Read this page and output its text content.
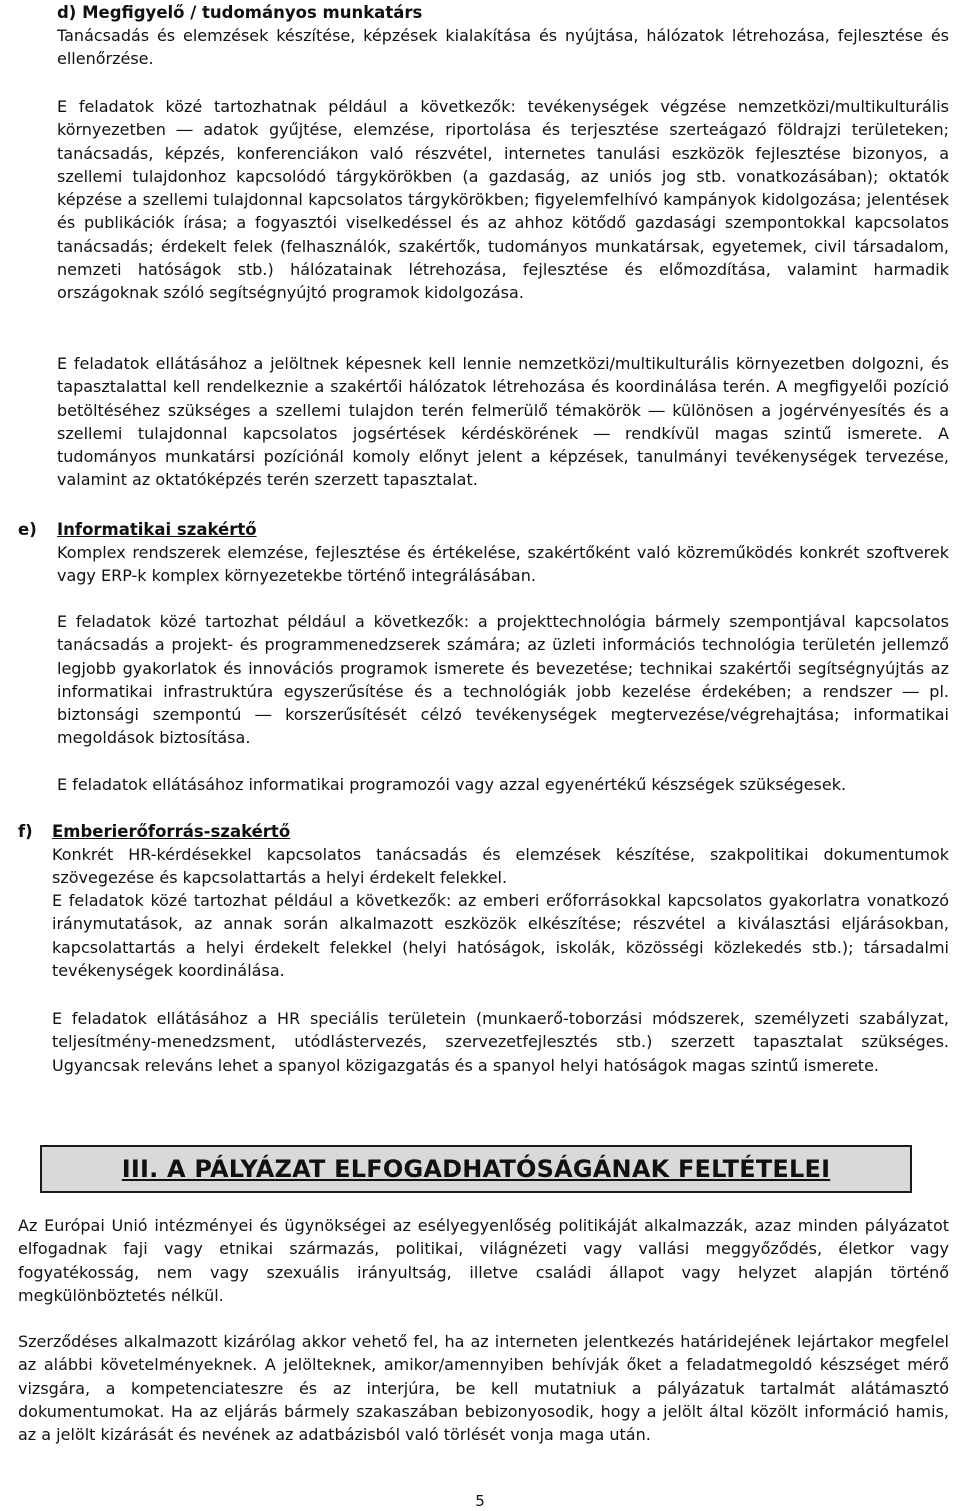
d) Megfigyelő / tudományos munkatárs

Tanácsadás és elemzések készítése, képzések kialakítása és nyújtása, hálózatok létrehozása, fejlesztése és ellenőrzése.

E feladatok közé tartozhatnak például a következők: tevékenységek végzése nemzetközi/multikulturális környezetben ― adatok gyűjtése, elemzése, riportolása és terjesztése szerteágazó földrajzi területeken; tanácsadás, képzés, konferenciákon való részvétel, internetes tanulási eszközök fejlesztése bizonyos, a szellemi tulajdonhoz kapcsolódó tárgykörökben (a gazdaság, az uniós jog stb. vonatkozásában); oktatók képzése a szellemi tulajdonnal kapcsolatos tárgykörökben; figyelemfelhívó kampányok kidolgozása; jelentések és publikációk írása; a fogyasztói viselkedéssel és az ahhoz kötődő gazdasági szempontokkal kapcsolatos tanácsadás; érdekelt felek (felhasználók, szakértők, tudományos munkatársak, egyetemek, civil társadalom, nemzeti hatóságok stb.) hálózatainak létrehozása, fejlesztése és előmozdítása, valamint harmadik országoknak szóló segítségnyújtó programok kidolgozása.

E feladatok ellátásához a jelöltnek képesnek kell lennie nemzetközi/multikulturális környezetben dolgozni, és tapasztalattal kell rendelkeznie a szakértői hálózatok létrehozása és koordinálása terén. A megfigyelői pozíció betöltéséhez szükséges a szellemi tulajdon terén felmerülő témakörök ― különösen a jogérvényesítés és a szellemi tulajdonnal kapcsolatos jogsértések kérdéskörének ― rendkívül magas szintű ismerete. A tudományos munkatársi pozíciónál komoly előnyt jelent a képzések, tanulmányi tevékenységek tervezése, valamint az oktatóképzés terén szerzett tapasztalat.

e) Informatikai szakértő

Komplex rendszerek elemzése, fejlesztése és értékelése, szakértőként való közreműködés konkrét szoftverek vagy ERP-k komplex környezetekbe történő integrálásában.

E feladatok közé tartozhat például a következők: a projekttechnológia bármely szempontjával kapcsolatos tanácsadás a projekt- és programmenedzserek számára; az üzleti információs technológia területén jellemző legjobb gyakorlatok és innovációs programok ismerete és bevezetése; technikai szakértői segítségnyújtás az informatikai infrastruktúra egyszerűsítése és a technológiák jobb kezelése érdekében; a rendszer ― pl. biztonsági szempontú ― korszerűsítését célzó tevékenységek megtervezése/végrehajtása; informatikai megoldások biztosítása.

E feladatok ellátásához informatikai programozói vagy azzal egyenértékű készségek szükségesek.

f) Emberierőforrás-szakértő

Konkrét HR-kérdésekkel kapcsolatos tanácsadás és elemzések készítése, szakpolitikai dokumentumok szövegezése és kapcsolattartás a helyi érdekelt felekkel.

E feladatok közé tartozhat például a következők: az emberi erőforrásokkal kapcsolatos gyakorlatra vonatkozó iránymutatások, az annak során alkalmazott eszközök elkészítése; részvétel a kiválasztási eljárásokban, kapcsolattartás a helyi érdekelt felekkel (helyi hatóságok, iskolák, közösségi közlekedés stb.); társadalmi tevékenységek koordinálása.

E feladatok ellátásához a HR speciális területein (munkaerő-toborzási módszerek, személyzeti szabályzat, teljesítmény-menedzsment, utódlástervezés, szervezetfejlesztés stb.) szerzett tapasztalat szükséges. Ugyancsak releváns lehet a spanyol közigazgatás és a spanyol helyi hatóságok magas szintű ismerete.

III. A PÁLYÁZAT ELFOGADHATÓSÁGÁNAK FELTÉTELEI

Az Európai Unió intézményei és ügynökségei az esélyegyenlőség politikáját alkalmazzák, azaz minden pályázatot elfogadnak faji vagy etnikai származás, politikai, világnézeti vagy vallási meggyőződés, életkor vagy fogyatékosság, nem vagy szexuális irányultság, illetve családi állapot vagy helyzet alapján történő megkülönböztetés nélkül.

Szerződéses alkalmazott kizárólag akkor vehető fel, ha az interneten jelentkezés határidejének lejártakor megfelel az alábbi követelményeknek. A jelölteknek, amikor/amennyiben behívják őket a feladatmegoldó készséget mérő vizsgára, a kompetenciateszre és az interjúra, be kell mutatniuk a pályázatuk tartalmát alátámasztó dokumentumokat. Ha az eljárás bármely szakaszában bebizonyosodik, hogy a jelölt által közölt információ hamis, az a jelölt kizárását és nevének az adatbázisból való törlését vonja maga után.

5
